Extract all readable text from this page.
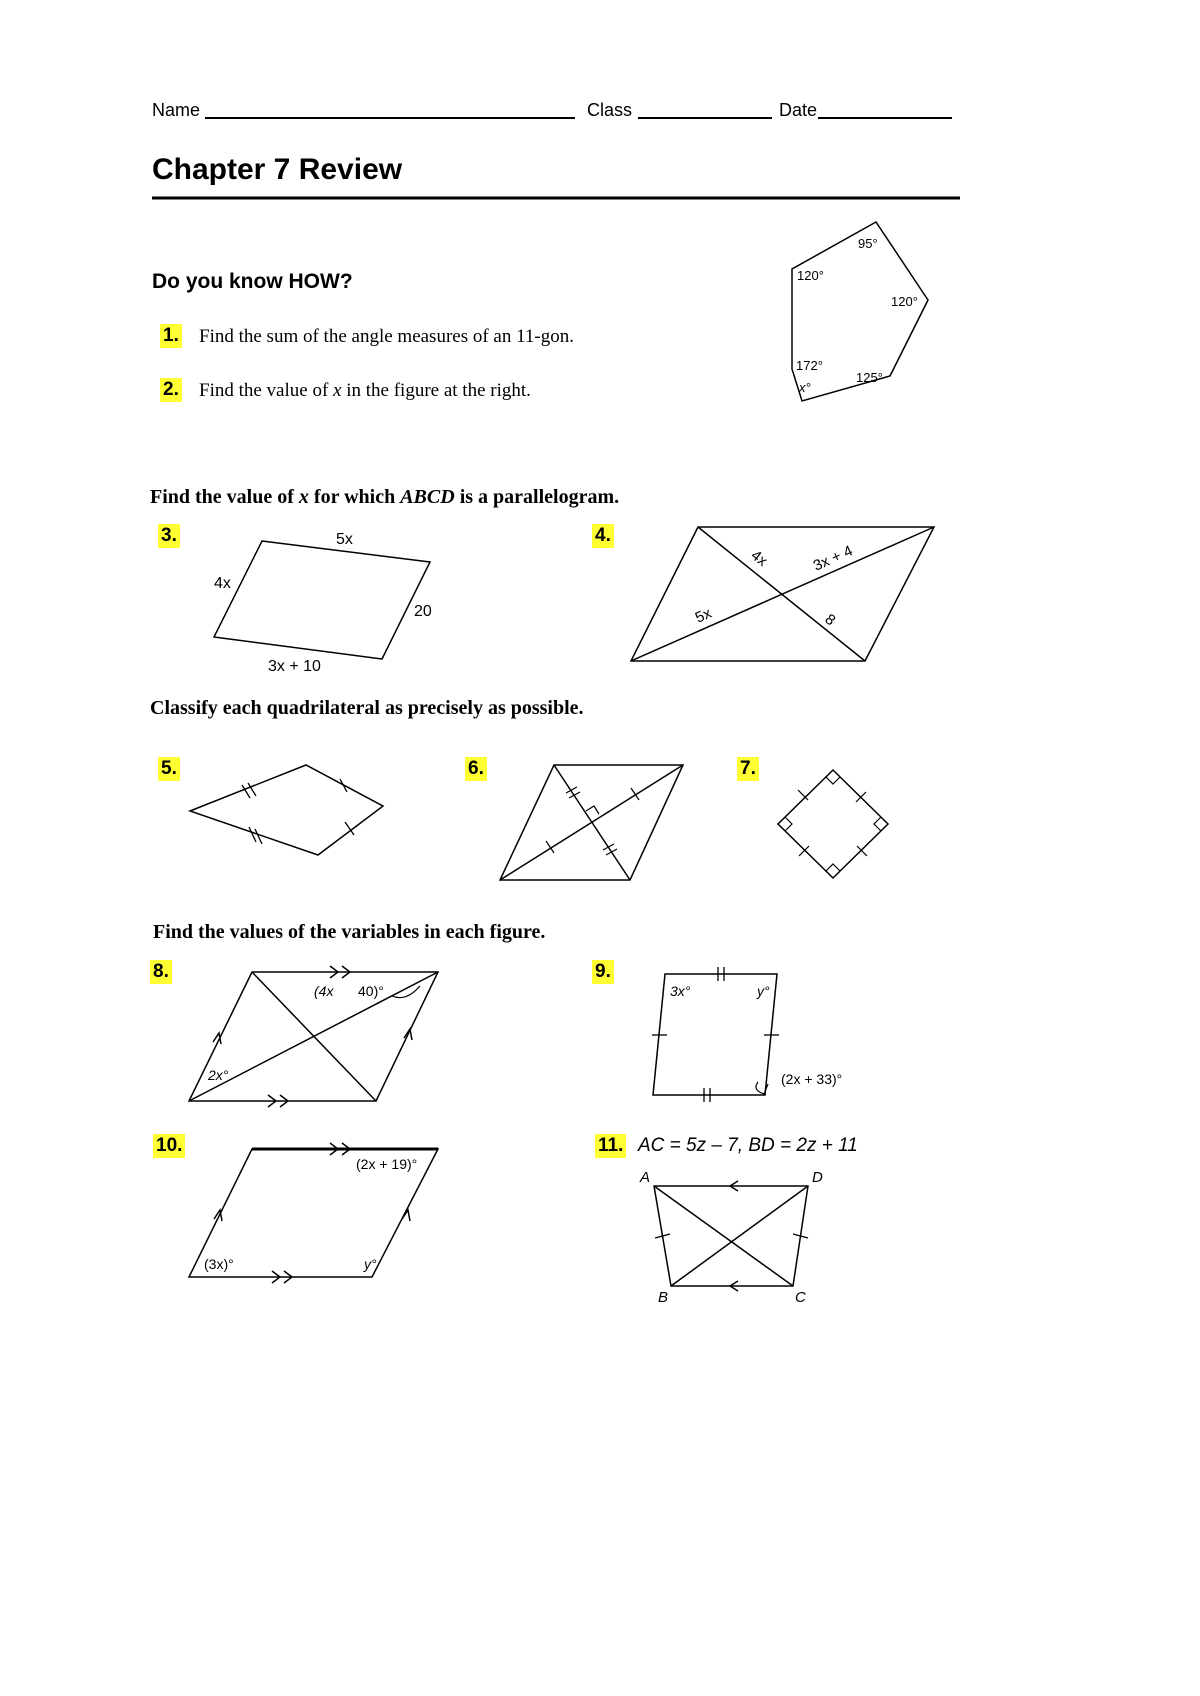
Name	Class	Date
Chapter 7 Review
Do you know HOW?
1. Find the sum of the angle measures of an 11-gon.
2. Find the value of x in the figure at the right.
95°
120°
120°
172°
125°
x°
Find the value of x for which ABCD is a parallelogram.
3.	5x
4x
20
3x + 10
4.
4x	3x + 4
5x	8
Classify each quadrilateral as precisely as possible.
5.	6.	7.
Find the values of the variables in each figure.
8.
(4x 40)°
2x°
9.
3x°	y°
(2x + 33)°
10.
(2x + 19)°
(3x)°	y°
11. AC = 5z – 7, BD = 2z + 11
A	D
B	C
